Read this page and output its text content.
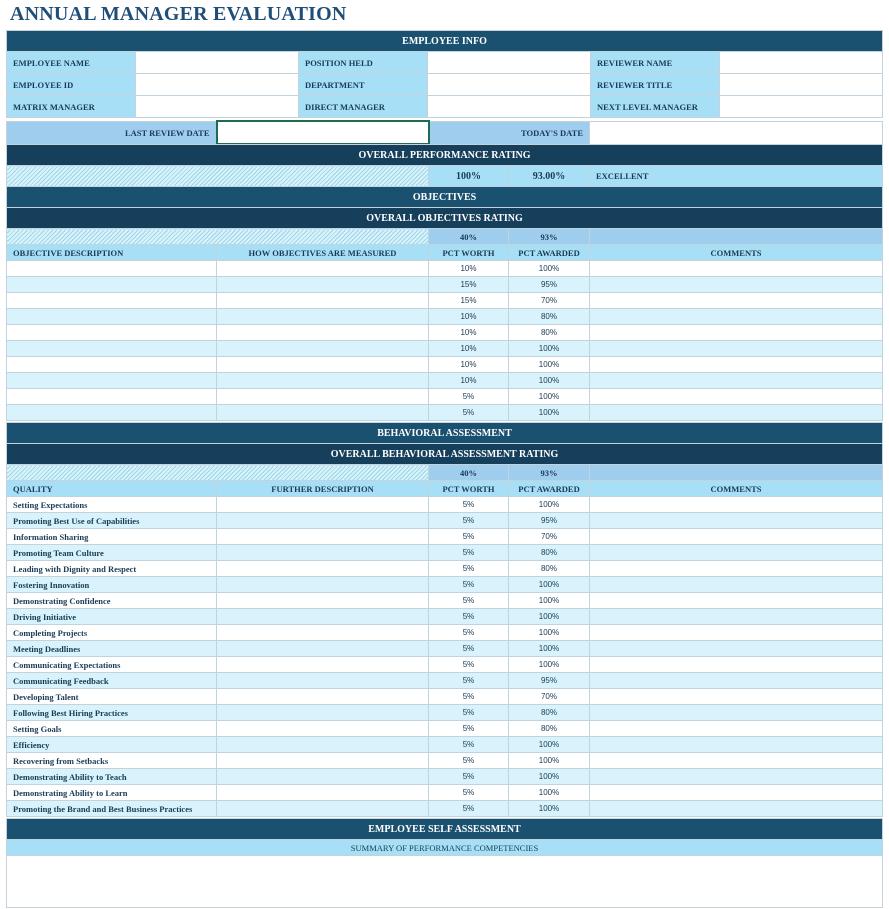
ANNUAL MANAGER EVALUATION
EMPLOYEE INFO					
EMPLOYEE NAME		POSITION HELD		REVIEWER NAME	
EMPLOYEE ID		DEPARTMENT		REVIEWER TITLE	
MATRIX MANAGER		DIRECT MANAGER		NEXT LEVEL MANAGER	
LAST REVIEW DATE		TODAY'S DATE	
OVERALL PERFORMANCE RATING
	100%	93.00%	EXCELLENT
OBJECTIVES				
OVERALL OBJECTIVES RATING				
		40%	93%	
OBJECTIVE DESCRIPTION	HOW OBJECTIVES ARE MEASURED	PCT WORTH	PCT AWARDED	COMMENTS
		10%	100%	
		15%	95%	
		15%	70%	
		10%	80%	
		10%	80%	
		10%	100%	
		10%	100%	
		10%	100%	
		5%	100%	
		5%	100%	
BEHAVIORAL ASSESSMENT				
OVERALL BEHAVIORAL ASSESSMENT RATING				
		40%	93%	
QUALITY	FURTHER DESCRIPTION	PCT WORTH	PCT AWARDED	COMMENTS
Setting Expectations		5%	100%	
Promoting Best Use of Capabilities		5%	95%	
Information Sharing		5%	70%	
Promoting Team Culture		5%	80%	
Leading with Dignity and Respect		5%	80%	
Fostering Innovation		5%	100%	
Demonstrating Confidence		5%	100%	
Driving Initiative		5%	100%	
Completing Projects		5%	100%	
Meeting Deadlines		5%	100%	
Communicating Expectations		5%	100%	
Communicating Feedback		5%	95%	
Developing Talent		5%	70%	
Following Best Hiring Practices		5%	80%	
Setting Goals		5%	80%	
Efficiency		5%	100%	
Recovering from Setbacks		5%	100%	
Demonstrating Ability to Teach		5%	100%	
Demonstrating Ability to Learn		5%	100%	
Promoting the Brand and Best Business Practices		5%	100%	
EMPLOYEE SELF ASSESSMENT
SUMMARY OF PERFORMANCE COMPETENCIES
